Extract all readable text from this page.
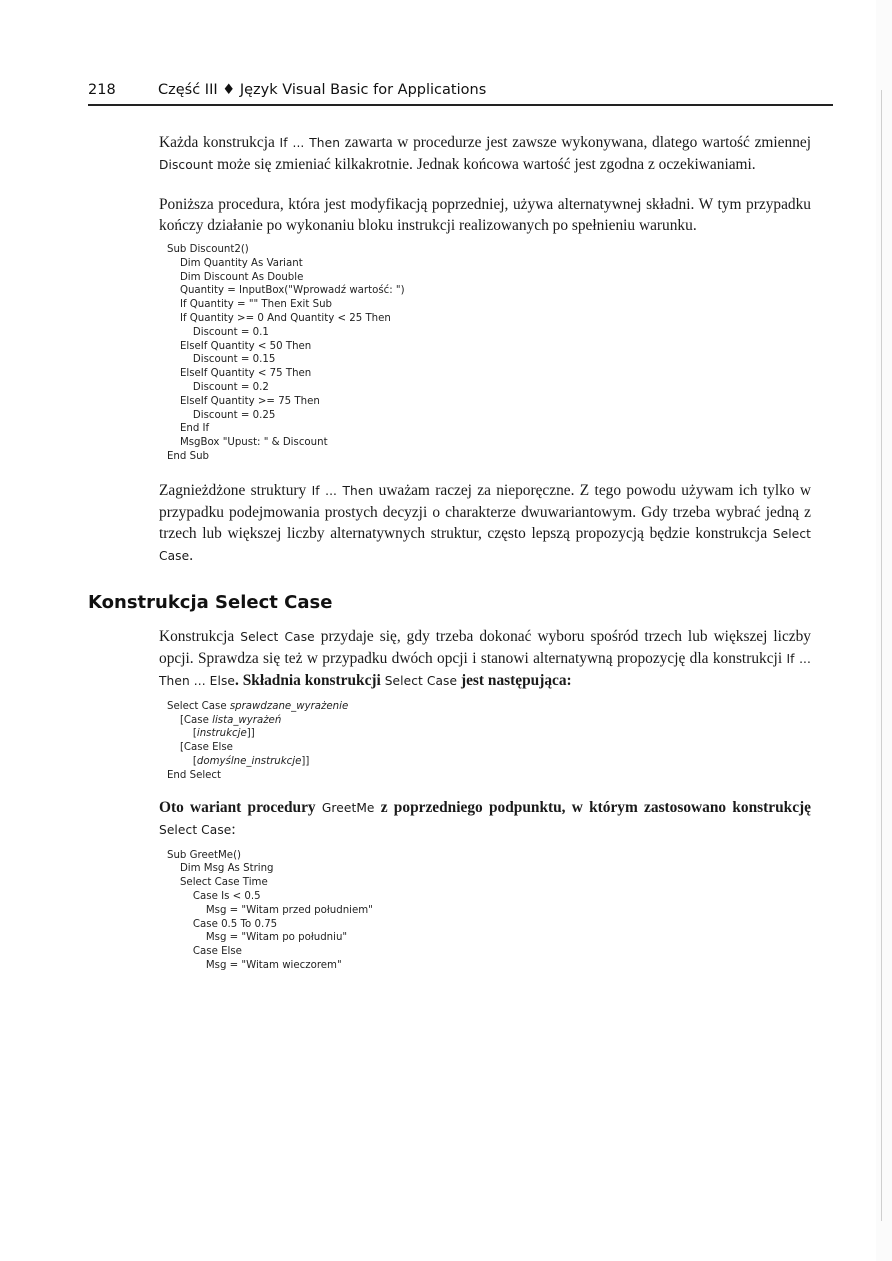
218	Część III ♦ Język Visual Basic for Applications

Każda konstrukcja If ... Then zawarta w procedurze jest zawsze wykonywana, dlatego wartość zmiennej Discount może się zmieniać kilkakrotnie. Jednak końcowa wartość jest zgodna z oczekiwaniami.

Poniższa procedura, która jest modyfikacją poprzedniej, używa alternatywnej składni. W tym przypadku kończy działanie po wykonaniu bloku instrukcji realizowanych po spełnieniu warunku.

Sub Discount2()
Dim Quantity As Variant
Dim Discount As Double
Quantity = InputBox("Wprowadź wartość: ")
If Quantity = "" Then Exit Sub
If Quantity >= 0 And Quantity < 25 Then
Discount = 0.1
ElseIf Quantity < 50 Then
Discount = 0.15
ElseIf Quantity < 75 Then
Discount = 0.2
ElseIf Quantity >= 75 Then
Discount = 0.25
End If
MsgBox "Upust: " & Discount
End Sub

Zagnieżdżone struktury If ... Then uważam raczej za nieporęczne. Z tego powodu używam ich tylko w przypadku podejmowania prostych decyzji o charakterze dwuwariantowym. Gdy trzeba wybrać jedną z trzech lub większej liczby alternatywnych struktur, często lepszą propozycją będzie konstrukcja Select Case.

Konstrukcja Select Case

Konstrukcja Select Case przydaje się, gdy trzeba dokonać wyboru spośród trzech lub większej liczby opcji. Sprawdza się też w przypadku dwóch opcji i stanowi alternatywną propozycję dla konstrukcji If ... Then ... Else. Składnia konstrukcji Select Case jest następująca:

Select Case sprawdzane_wyrażenie
[Case lista_wyrażeń
[instrukcje]]
[Case Else
[domyślne_instrukcje]]
End Select

Oto wariant procedury GreetMe z poprzedniego podpunktu, w którym zastosowano konstrukcję Select Case:

Sub GreetMe()
Dim Msg As String
Select Case Time
Case Is < 0.5
Msg = "Witam przed południem"
Case 0.5 To 0.75
Msg = "Witam po południu"
Case Else
Msg = "Witam wieczorem"
